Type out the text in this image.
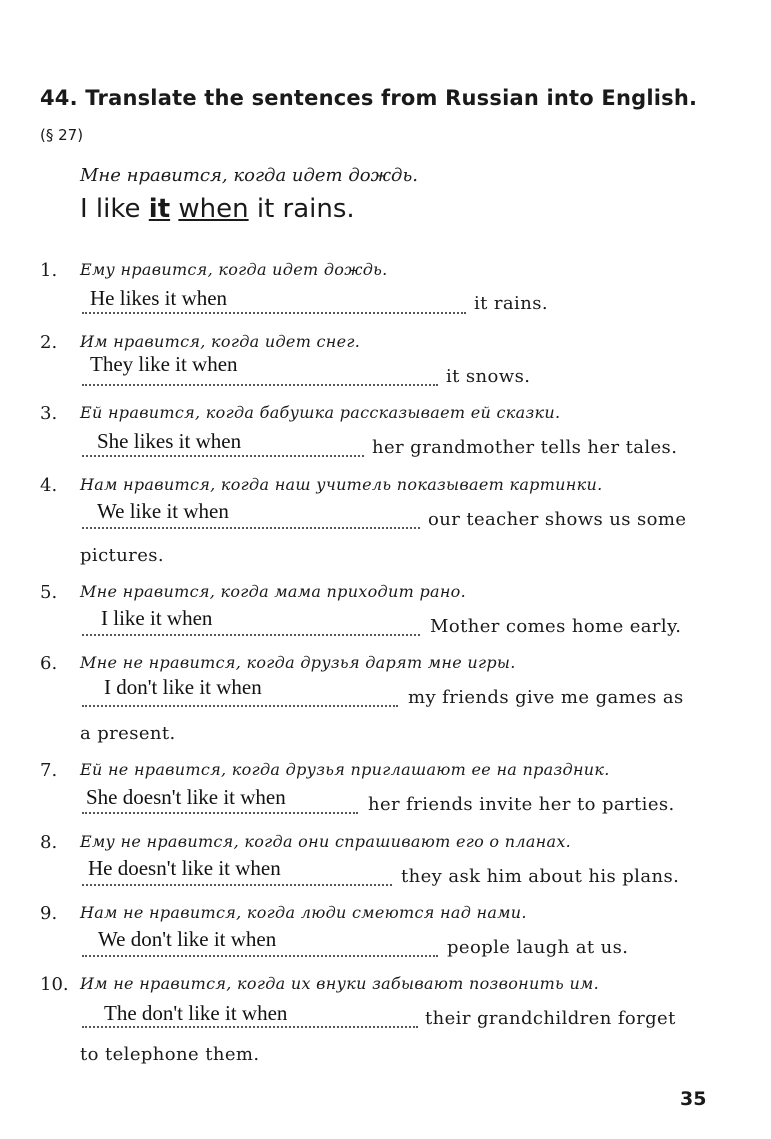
44. Translate the sentences from Russian into English.
(§ 27)
Мне нравится, когда идет дождь.
I like it when it rains.
1. Ему нравится, когда идет дождь.
He likes it when	it rains.
2. Им нравится, когда идет снег.
They like it when
it snows.
3. Ей нравится, когда бабушка рассказывает ей сказки.
She likes it when	her grandmother tells her tales.
4. Нам нравится, когда наш учитель показывает картинки.
We like it when	our teacher shows us some
pictures.
5. Мне нравится, когда мама приходит рано.
I like it when	Mother comes home early.
6. Мне не нравится, когда друзья дарят мне игры.
I don't like it when	my friends give me games as
a present.
7. Ей не нравится, когда друзья приглашают ее на праздник.
She doesn't like it when	her friends invite her to parties.
8. Ему не нравится, когда они спрашивают его о планах.
He doesn't like it when	they ask him about his plans.
9. Нам не нравится, когда люди смеются над нами.
We don't like it when	people laugh at us.
10. Им не нравится, когда их внуки забывают позвонить им.
The don't like it when	their grandchildren forget
to telephone them.
35
